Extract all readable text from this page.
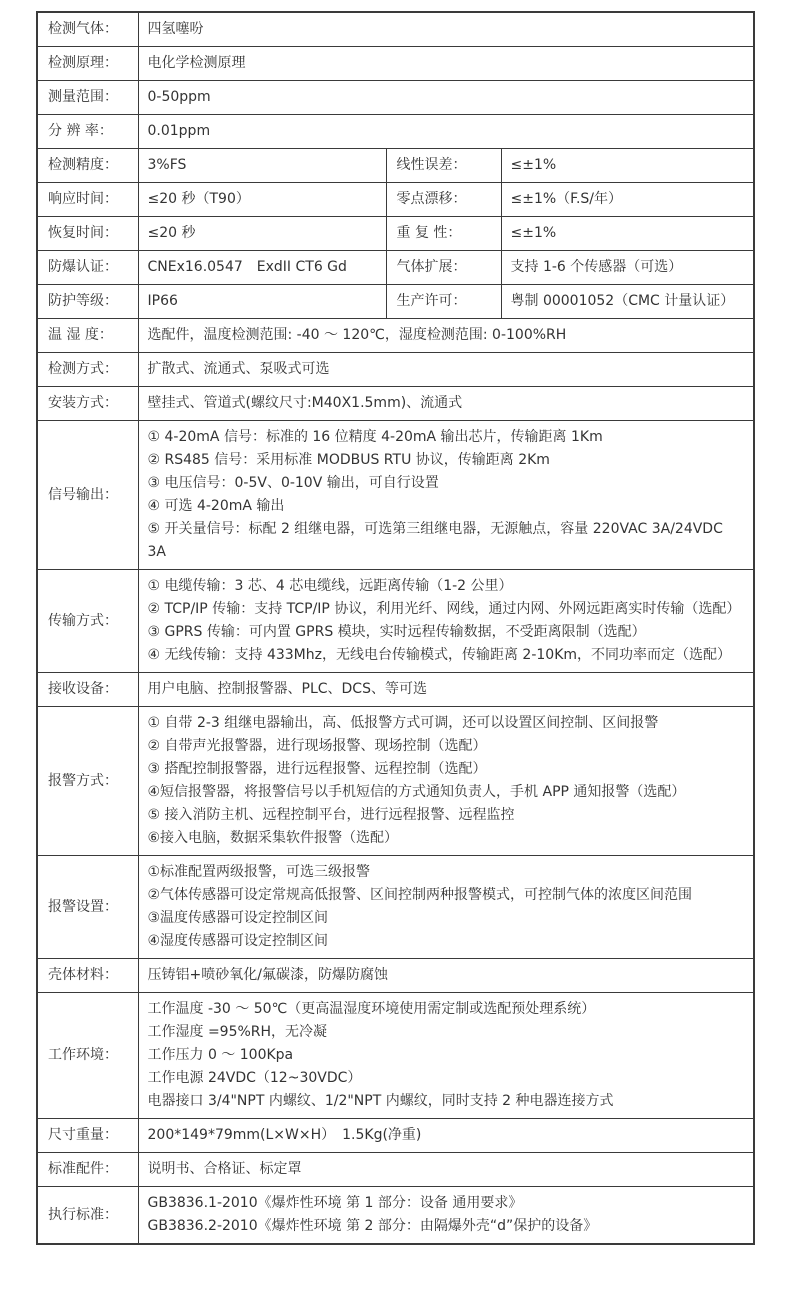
检测气体：	四氢噻吩		
检测原理：	电化学检测原理		
测量范围：	0-50ppm		
分 辨 率：	0.01ppm		
检测精度：	3%FS	线性误差：	≤±1%
响应时间：	≤20 秒（T90）	零点漂移：	≤±1%（F.S/年）
恢复时间：	≤20 秒	重 复 性：	≤±1%
防爆认证：	CNEx16.0547　ExdII CT6 Gd	气体扩展：	支持 1-6 个传感器（可选）
防护等级：	IP66	生产许可：	粤制 00001052（CMC 计量认证）
温 湿 度：	选配件，温度检测范围: -40 ～ 120℃，湿度检测范围: 0-100%RH		
检测方式：	扩散式、流通式、泵吸式可选		
安装方式：	壁挂式、管道式(螺纹尺寸:M40X1.5mm)、流通式		
信号输出：	① 4-20mA 信号：标准的 16 位精度 4-20mA 输出芯片，传输距离 1Km
② RS485 信号：采用标准 MODBUS RTU 协议，传输距离 2Km
③ 电压信号：0-5V、0-10V 输出，可自行设置
④ 可选 4-20mA 输出
⑤ 开关量信号：标配 2 组继电器，可选第三组继电器，无源触点，容量 220VAC 3A/24VDC 3A		

传输方式：	① 电缆传输：3 芯、4 芯电缆线，远距离传输（1-2 公里）
② TCP/IP 传输：支持 TCP/IP 协议，利用光纤、网线，通过内网、外网远距离实时传输（选配）
③ GPRS 传输：可内置 GPRS 模块，实时远程传输数据，不受距离限制（选配）
④ 无线传输：支持 433Mhz，无线电台传输模式，传输距离 2-10Km，不同功率而定（选配）		

接收设备：	用户电脑、控制报警器、PLC、DCS、等可选		
报警方式：	
① 自带 2-3 组继电器输出，高、低报警方式可调，还可以设置区间控制、区间报警
② 自带声光报警器，进行现场报警、现场控制（选配）
③ 搭配控制报警器，进行远程报警、远程控制（选配）
④短信报警器，将报警信号以手机短信的方式通知负责人，手机 APP 通知报警（选配）
⑤ 接入消防主机、远程控制平台，进行远程报警、远程监控
⑥接入电脑，数据采集软件报警（选配）

报警设置：	①标准配置两级报警，可选三级报警
②气体传感器可设定常规高低报警、区间控制两种报警模式，可控制气体的浓度区间范围
③温度传感器可设定控制区间
④湿度传感器可设定控制区间		

壳体材料：	压铸铝+喷砂氧化/氟碳漆，防爆防腐蚀		
工作环境：	工作温度 -30 ～ 50℃（更高温湿度环境使用需定制或选配预处理系统）
工作湿度 =95%RH，无冷凝
工作压力 0 ～ 100Kpa
工作电源 24VDC（12~30VDC）
电器接口 3/4"NPT 内螺纹、1/2"NPT 内螺纹，同时支持 2 种电器连接方式		

尺寸重量：	200*149*79mm(L×W×H）　1.5Kg(净重)		
标准配件：	说明书、合格证、标定罩		
执行标准：	GB3836.1-2010《爆炸性环境 第 1 部分：设备 通用要求》
GB3836.2-2010《爆炸性环境 第 2 部分：由隔爆外壳“d”保护的设备》		
